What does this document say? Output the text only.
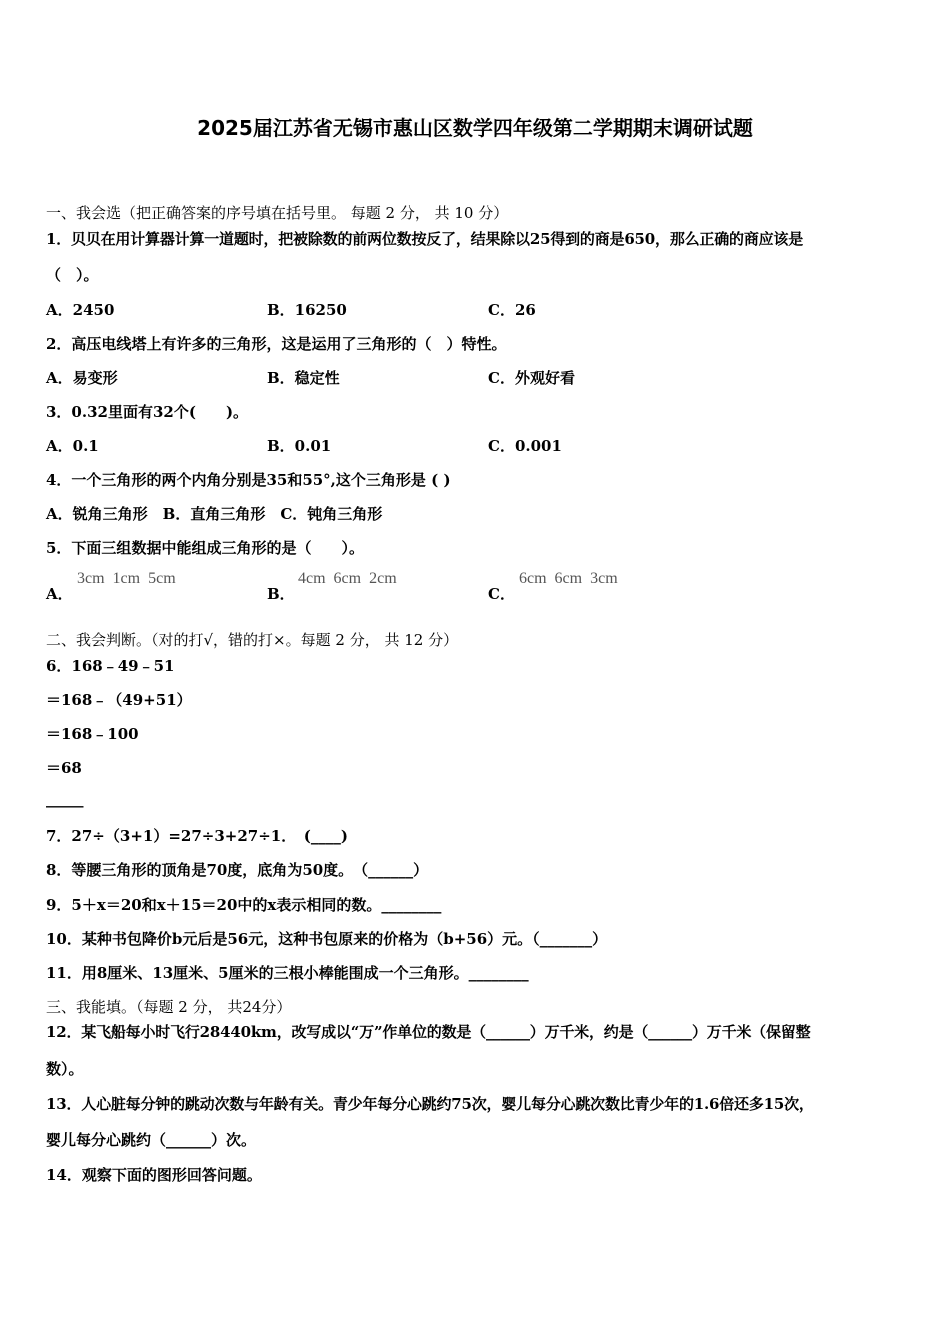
2025届江苏省无锡市惠山区数学四年级第二学期期末调研试题
一、我会选（把正确答案的序号填在括号里。 每题 2 分， 共 10 分）
1．贝贝在用计算器计算一道题时，把被除数的前两位数按反了，结果除以25得到的商是650，那么正确的商应该是
（　）。
A．2450	B．16250	C．26
2．高压电线塔上有许多的三角形，这是运用了三角形的（　）特性。
A．易变形	B．稳定性	C．外观好看
3．0.32里面有32个(　　)。
A．0.1	B．0.01	C．0.001
4．一个三角形的两个内角分别是35和55°,这个三角形是 ( )
A．锐角三角形　B．直角三角形　C．钝角三角形
5．下面三组数据中能组成三角形的是（　　）。
A．
3cm 1cm 5cm
B．
4cm 6cm 2cm
C．
6cm 6cm 3cm
二、我会判断。（对的打√，错的打×。每题 2 分， 共 12 分）
6．168﹣49﹣51
＝168﹣（49+51）
＝168﹣100
＝68
_____
7．27÷（3+1）=27÷3+27÷1．　(____)
8．等腰三角形的顶角是70度，底角为50度。　（______）
9．5＋x＝20和x＋15＝20中的x表示相同的数。________
10．某种书包降价b元后是56元，这种书包原来的价格为（b+56）元。（_______）
11．用8厘米、13厘米、5厘米的三根小棒能围成一个三角形。________
三、我能填。（每题 2 分， 共24分）
12．某飞船每小时飞行28440km，改写成以“万”作单位的数是（______）万千米，约是（______）万千米（保留整
数）。
13．人心脏每分钟的跳动次数与年龄有关。青少年每分心跳约75次，婴儿每分心跳次数比青少年的1.6倍还多15次，
婴儿每分心跳约（______）次。
14．观察下面的图形回答问题。
